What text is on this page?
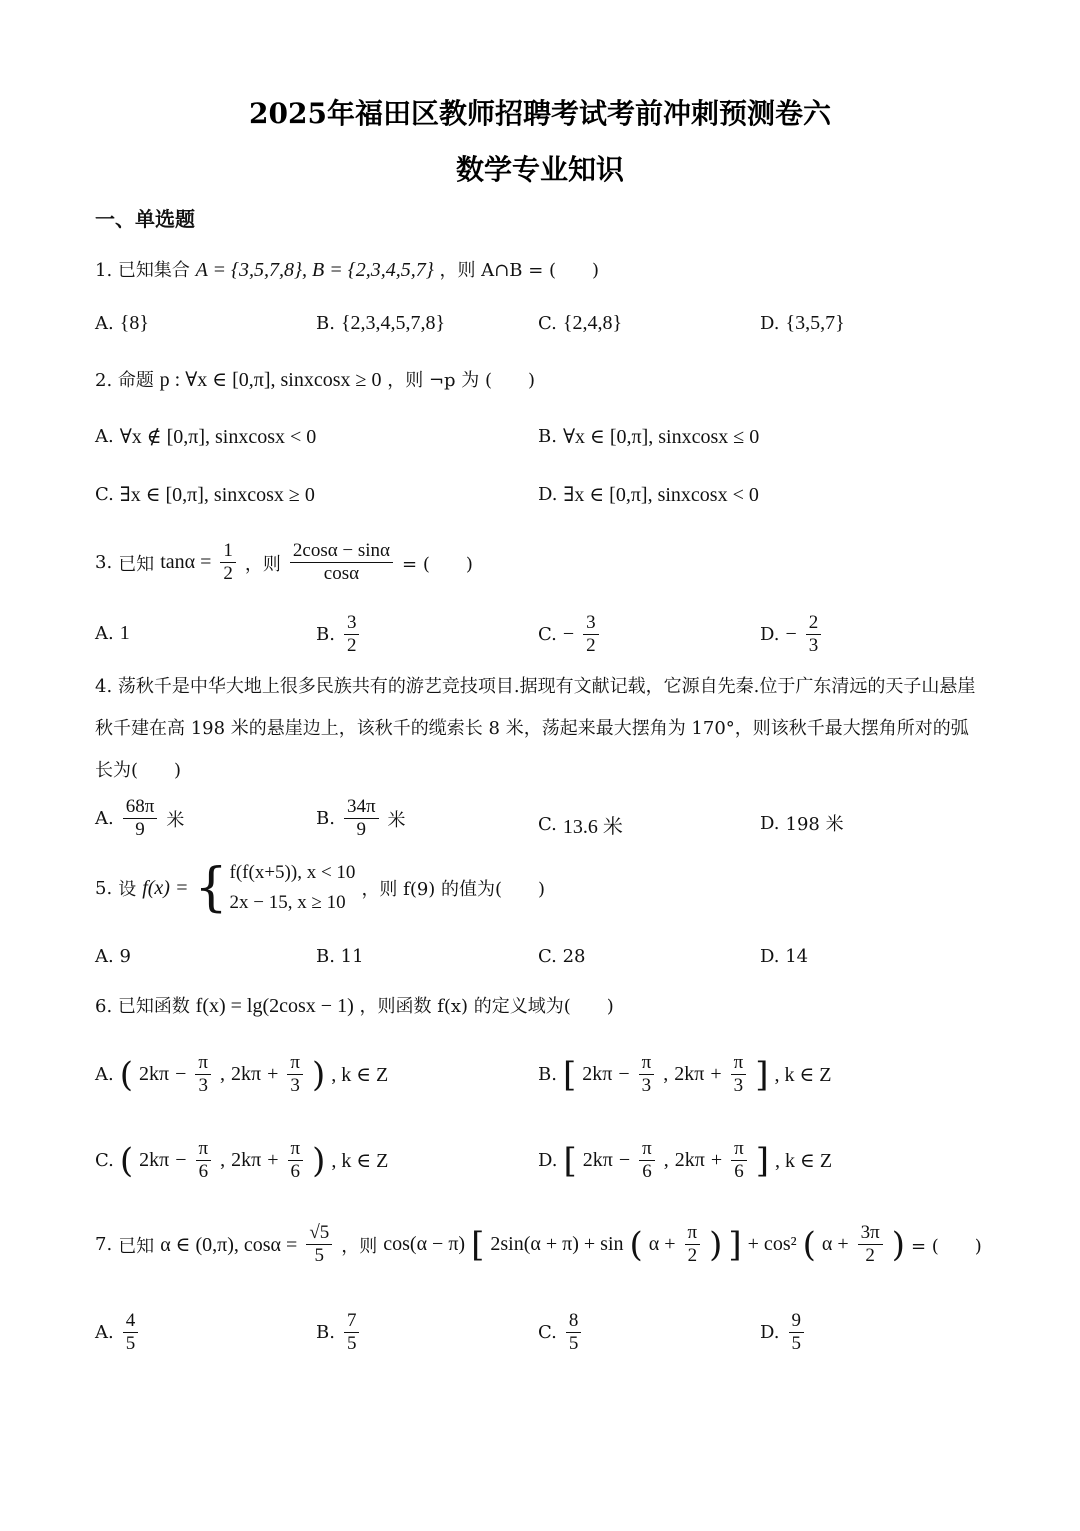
2025年福田区教师招聘考试考前冲刺预测卷六
数学专业知识
一、单选题
1. 已知集合 A = {3,5,7,8}, B = {2,3,4,5,7} ，则 A∩B = (　　)
A. {8}	B. {2,3,4,5,7,8}	C. {2,4,8}	D. {3,5,7}
2. 命题 p : ∀x ∈ [0,π], sinxcosx ≥ 0 ，则 ¬p 为 (　　)
A. ∀x ∉ [0,π], sinxcosx < 0	B. ∀x ∈ [0,π], sinxcosx ≤ 0
C. ∃x ∈ [0,π], sinxcosx ≥ 0	D. ∃x ∈ [0,π], sinxcosx < 0
3. 已知 $\tan\alpha = \frac{1}{2}$ ，则 $\frac{2\cos\alpha - \sin\alpha}{\cos\alpha}$ = (　　)
A. 1	B. $\frac{3}{2}$	C. − $\frac{3}{2}$	D. − $\frac{2}{3}$
4. 荡秋千是中华大地上很多民族共有的游艺竞技项目.据现有文献记载，它源自先秦.位于广东清远的天子山悬崖秋千建在高 198 米的悬崖边上，该秋千的缆索长 8 米，荡起来最大摆角为 170°，则该秋千最大摆角所对的弧长为(　　)
A. $\frac{68\pi}{9}$ 米	B. $\frac{34\pi}{9}$ 米	C. 13.6 米	D. 198 米
5. 设 f(x) = { f(f(x+5)), x < 10
2x − 15, x ≥ 10
，则 f(9) 的值为(　　)
A. 9	B. 11	C. 28	D. 14
6. 已知函数 f(x) = lg(2cosx − 1) ，则函数 f(x) 的定义域为(　　)
A. ( $2k\pi - \frac{\pi}{3}$ , $2k\pi + \frac{\pi}{3}$ ) , k ∈ Z	B. [ $2k\pi - \frac{\pi}{3}$ , $2k\pi + \frac{\pi}{3}$ ] , k ∈ Z
C. ( $2k\pi - \frac{\pi}{6}$ , $2k\pi + \frac{\pi}{6}$ ) , k ∈ Z	D. [ $2k\pi - \frac{\pi}{6}$ , $2k\pi + \frac{\pi}{6}$ ] , k ∈ Z
7. 已知 α ∈ (0,π), $\cos\alpha = \frac{√5}{5}$ ，则 cos(α − π) [ 2sin(α + π) + sin ( $\alpha + \frac{\pi}{2}$ ) ] + cos² ( $\alpha + \frac{3\pi}{2}$ ) = (　　)
A. $\frac{4}{5}$	B. $\frac{7}{5}$	C. $\frac{8}{5}$	D. $\frac{9}{5}$
